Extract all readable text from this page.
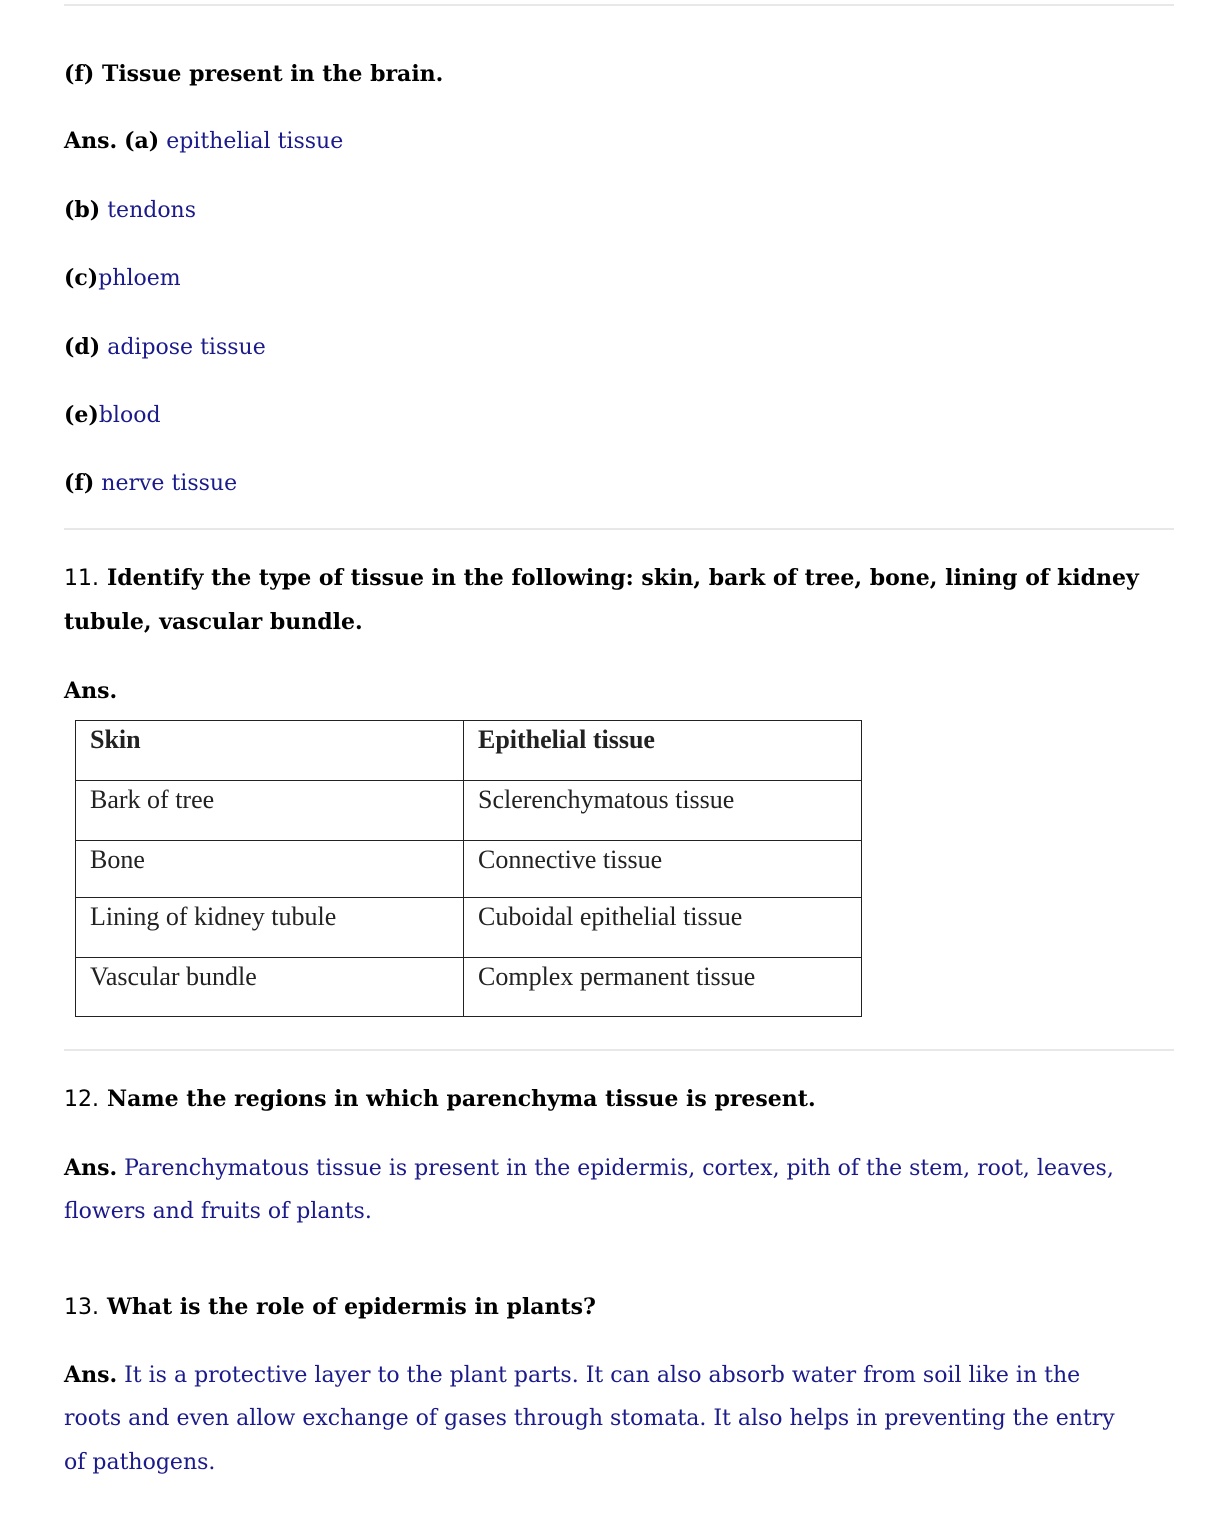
(f) Tissue present in the brain.
Ans. (a) epithelial tissue
(b) tendons
(c)phloem
(d) adipose tissue
(e)blood
(f) nerve tissue
11. Identify the type of tissue in the following: skin, bark of tree, bone, lining of kidney
tubule, vascular bundle.
Ans.
Skin	Epithelial tissue
Bark of tree	Sclerenchymatous tissue
Bone	Connective tissue
Lining of kidney tubule	Cuboidal epithelial tissue
Vascular bundle	Complex permanent tissue
12. Name the regions in which parenchyma tissue is present.
Ans. Parenchymatous tissue is present in the epidermis, cortex, pith of the stem, root, leaves,
flowers and fruits of plants.
13. What is the role of epidermis in plants?
Ans. It is a protective layer to the plant parts. It can also absorb water from soil like in the
roots and even allow exchange of gases through stomata. It also helps in preventing the entry
of pathogens.
